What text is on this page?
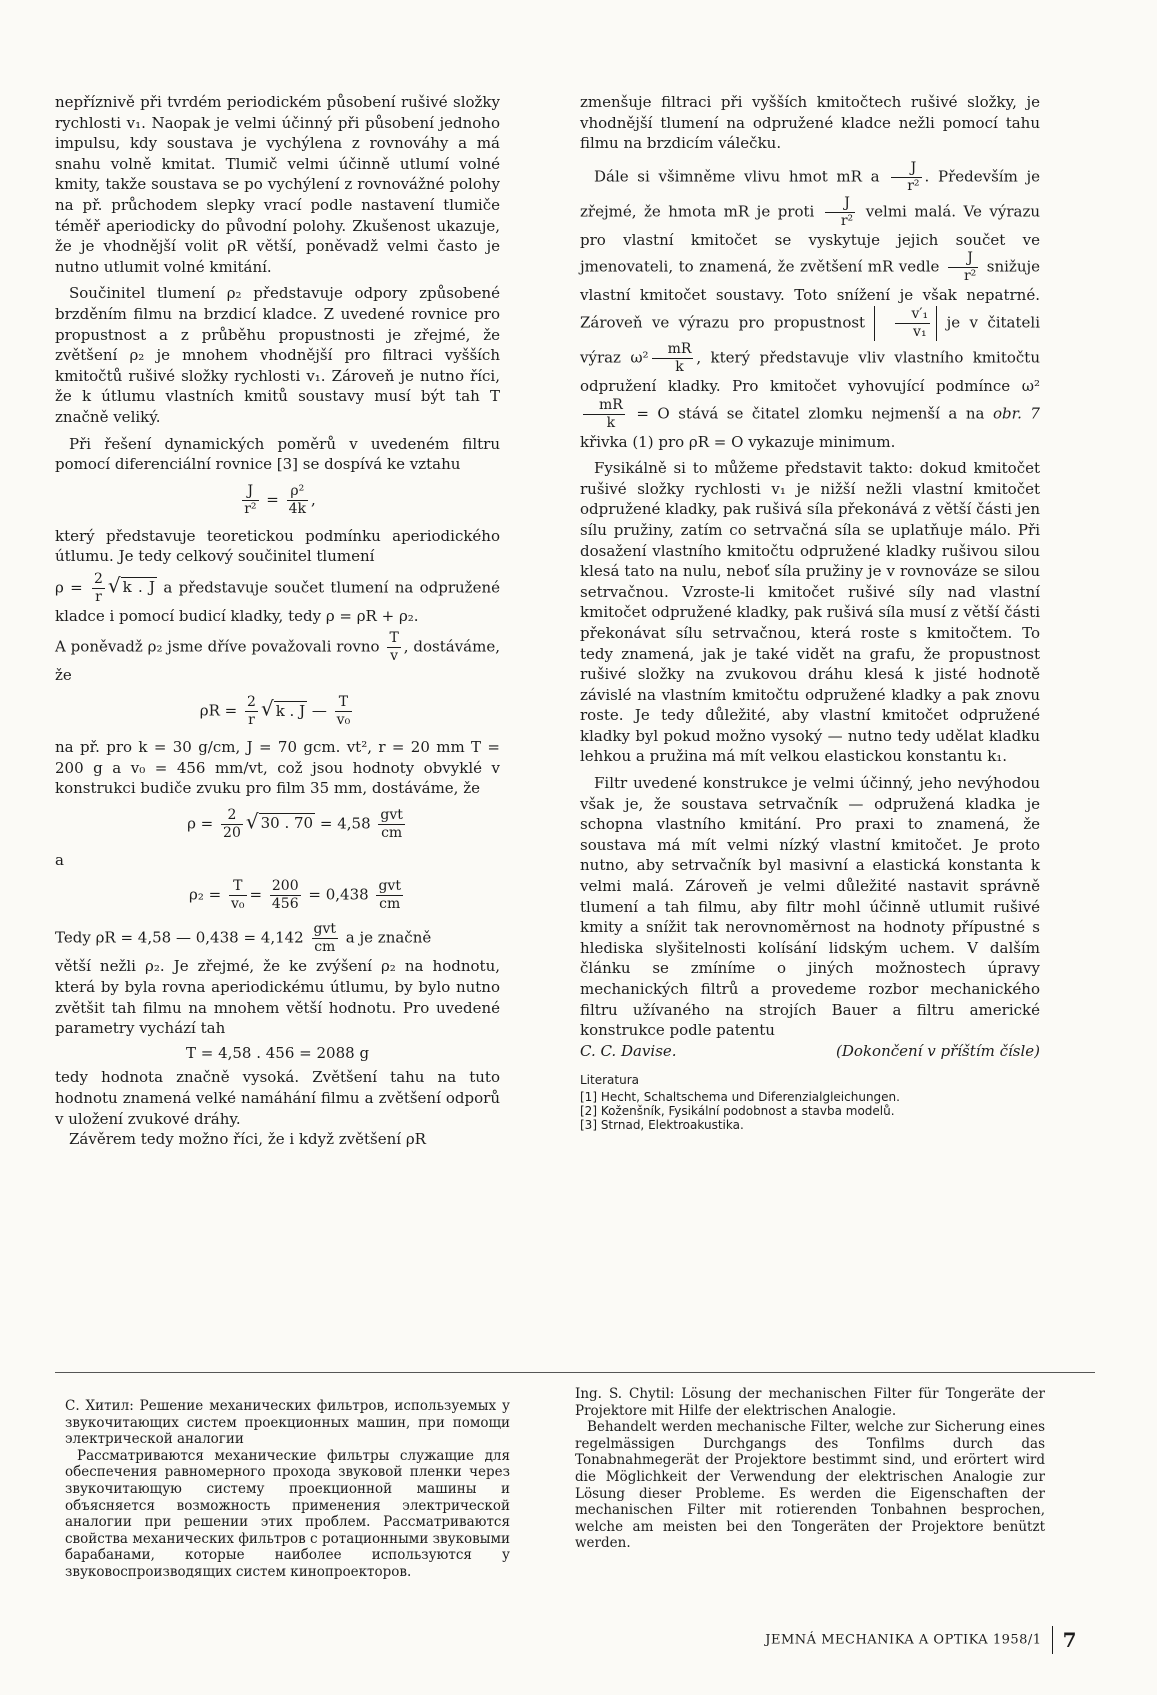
nepříznivě při tvrdém periodickém působení rušivé složky rychlosti v₁. Naopak je velmi účinný při působení jednoho impulsu, kdy soustava je vychýlena z rovnováhy a má snahu volně kmitat. Tlumič velmi účinně utlumí volné kmity, takže soustava se po vychýlení z rovnovážné polohy na př. průchodem slepky vrací podle nastavení tlumiče téměř aperiodicky do původní polohy. Zkušenost ukazuje, že je vhodnější volit ρR větší, poněvadž velmi často je nutno utlumit volné kmitání.

Součinitel tlumení ρ₂ představuje odpory způsobené brzděním filmu na brzdicí kladce. Z uvedené rovnice pro propustnost a z průběhu propustnosti je zřejmé, že zvětšení ρ₂ je mnohem vhodnější pro filtraci vyšších kmitočtů rušivé složky rychlosti v₁. Zároveň je nutno říci, že k útlumu vlastních kmitů soustavy musí být tah T značně veliký.

Při řešení dynamických poměrů v uvedeném filtru pomocí diferenciální rovnice [3] se dospívá ke vztahu

$\frac{J}{\text{r²}} = \frac{\text{ρ²}}{4k}$ ,

který představuje teoretickou podmínku aperiodického útlumu. Je tedy celkový součinitel tlumení

$\rho = \frac{2}{r}$ √ k . J a představuje součet tlumení na odpružené kladce i pomocí budicí kladky, tedy ρ = ρR + ρ₂.

A poněvadž ρ₂ jsme dříve považovali rovno $\frac{T}{v}$ , dostáváme, že

$\rho R = \frac{2}{r}$ √ k . J — $\frac{T}{\text{v₀}}$

na př. pro k = 30 g/cm, J = 70 gcm. vt², r = 20 mm T = 200 g a v₀ = 456 mm/vt, což jsou hodnoty obvyklé v konstrukci budiče zvuku pro film 35 mm, dostáváme, že

$\rho = \frac{2}{20}$ √ 30 . $70 = 4,58 \frac{\text{gvt}}{cm}$

a

$\rho_2 = \frac{T}{\text{v₀}} = \frac{200}{456} = 0,438 \frac{\text{gvt}}{cm}$

Tedy ρR = 4,58 — $0,438 = 4,142 \frac{\text{gvt}}{cm}$ a je značně

větší nežli ρ₂. Je zřejmé, že ke zvýšení ρ₂ na hodnotu, která by byla rovna aperiodickému útlumu, by bylo nutno zvětšit tah filmu na mnohem větší hodnotu. Pro uvedené parametry vychází tah

T = 4,58 . 456 = 2088 g

tedy hodnota značně vysoká. Zvětšení tahu na tuto hodnotu znamená velké namáhání filmu a zvětšení odporů v uložení zvukové dráhy.

Závěrem tedy možno říci, že i když zvětšení ρR

zmenšuje filtraci při vyšších kmitočtech rušivé složky, je vhodnější tlumení na odpružené kladce nežli pomocí tahu filmu na brzdicím válečku.

Dále si všimněme vlivu hmot mR a $\frac{J}{\text{r²}}$ . Především je zřejmé, že hmota mR je proti $\frac{J}{\text{r²}}$ velmi malá. Ve výrazu pro vlastní kmitočet se vyskytuje jejich součet ve jmenovateli, to znamená, že zvětšení mR vedle $\frac{J}{\text{r²}}$ snižuje vlastní kmitočet soustavy. Toto snížení je však nepatrné. Zároveň ve výrazu pro propustnost $\frac{\text{v′₁}}{\text{v₁}}$ je v čitateli výraz $\omega^2 \frac{mR}{k}$ , který představuje vliv vlastního kmitočtu odpružení kladky. Pro kmitočet vyhovující podmínce ω²
$\frac{mR}{k} = O$ stává se čitatel zlomku nejmenší a na obr. 7 křivka (1) pro ρR = O vykazuje minimum.

Fysikálně si to můžeme představit takto: dokud kmitočet rušivé složky rychlosti v₁ je nižší nežli vlastní kmitočet odpružené kladky, pak rušivá síla překonává z větší části jen sílu pružiny, zatím co setrvačná síla se uplatňuje málo. Při dosažení vlastního kmitočtu odpružené kladky rušivou silou klesá tato na nulu, neboť síla pružiny je v rovnováze se silou setrvačnou. Vzroste-li kmitočet rušivé síly nad vlastní kmitočet odpružené kladky, pak rušivá síla musí z větší části překonávat sílu setrvačnou, která roste s kmitočtem. To tedy znamená, jak je také vidět na grafu, že propustnost rušivé složky na zvukovou dráhu klesá k jisté hodnotě závislé na vlastním kmitočtu odpružené kladky a pak znovu roste. Je tedy důležité, aby vlastní kmitočet odpružené kladky byl pokud možno vysoký — nutno tedy udělat kladku lehkou a pružina má mít velkou elastickou konstantu k₁.

Filtr uvedené konstrukce je velmi účinný, jeho nevýhodou však je, že soustava setrvačník — odpružená kladka je schopna vlastního kmitání. Pro praxi to znamená, že soustava má mít velmi nízký vlastní kmitočet. Je proto nutno, aby setrvačník byl masivní a elastická konstanta k velmi malá. Zároveň je velmi důležité nastavit správně tlumení a tah filmu, aby filtr mohl účinně utlumit rušivé kmity a snížit tak nerovnoměrnost na hodnoty přípustné s hlediska slyšitelnosti kolísání lidským uchem. V dalším článku se zmíníme o jiných možnostech úpravy mechanických filtrů a provedeme rozbor mechanického filtru užívaného na strojích Bauer a filtru americké konstrukce podle patentu

C. C. Davise.	(Dokončení v příštím čísle)
Literatura
[1] Hecht, Schaltschema und Diferenzialgleichungen.
[2] Koženšník, Fysikální podobnost a stavba modelů.
[3] Strnad, Elektroakustika.

С. Хитил: Решение механических фильтров, используемых у звукочитающих систем проекционных машин, при помощи электрической аналогии

Рассматриваются механические фильтры служащие для обеспечения равномерного прохода звуковой пленки через звукочитающую систему проекционной машины и объясняется возможность применения электрической аналогии при решении этих проблем. Рассматриваются свойства механических фильтров с ротационными звуковыми барабанами, которые наиболее используются у звуковоспроизводящих систем кинопроекторов.

Ing. S. Chytil: Lösung der mechanischen Filter für Tongeräte der Projektore mit Hilfe der elektrischen Analogie.

Behandelt werden mechanische Filter, welche zur Sicherung eines regelmässigen Durchgangs des Tonfilms durch das Tonabnahmegerät der Projektore bestimmt sind, und erörtert wird die Möglichkeit der Verwendung der elektrischen Analogie zur Lösung dieser Probleme. Es werden die Eigenschaften der mechanischen Filter mit rotierenden Tonbahnen besprochen, welche am meisten bei den Tongeräten der Projektore benützt werden.

JEMNÁ MECHANIKA A OPTIKA 1958/1 7
